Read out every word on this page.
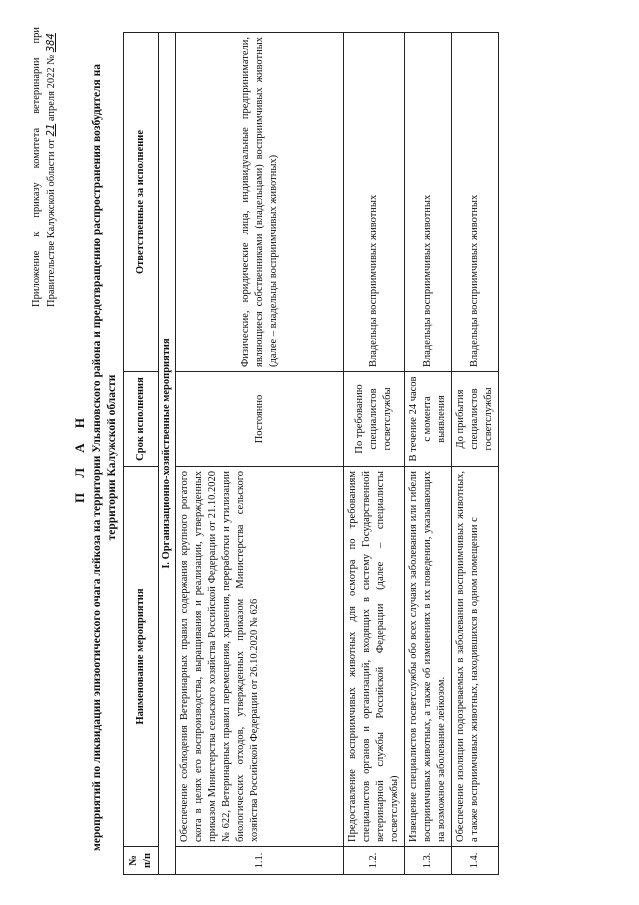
Приложение к приказу комитета ветеринарии при Правительстве Калужской области от 21 апреля 2022 № 384
П Л А Н мероприятий по ликвидации эпизоотического очага лейкоза на территории Ульяновского района и предотвращению распространения возбудителя на территории Калужской области
№ п/п	Наименование мероприятия	Срок исполнения	Ответственные за исполнение
I. Организационно-хозяйственные мероприятия			
1.1.	Обеспечение соблюдения Ветеринарных правил содержания крупного рогатого скота в целях его воспроизводства, выращивания и реализации, утвержденных приказом Министерства сельского хозяйства Российской Федерации от 21.10.2020 № 622, Ветеринарных правил перемещения, хранения, переработки и утилизации биологических отходов, утвержденных приказом Министерства сельского хозяйства Российской Федерации от 26.10.2020 № 626	Постоянно	Физические, юридические лица, индивидуальные предприниматели, являющиеся собственниками (владельцами) восприимчивых животных (далее – владельцы восприимчивых животных)
1.2.	Предоставление восприимчивых животных для осмотра по требованиям специалистов органов и организаций, входящих в систему Государственной ветеринарной службы Российской Федерации (далее – специалисты госветслужбы)	По требованию специалистов госветслужбы	Владельцы восприимчивых животных
1.3.	Извещение специалистов госветслужбы обо всех случаях заболевания или гибели восприимчивых животных, а также об изменениях в их поведении, указывающих на возможное заболевание лейкозом.	В течение 24 часов с момента выявления	Владельцы восприимчивых животных
1.4.	Обеспечение изоляции подозреваемых в заболевании восприимчивых животных, а также восприимчивых животных, находившихся в одном помещении с	До прибытия специалистов госветслужбы	Владельцы восприимчивых животных
